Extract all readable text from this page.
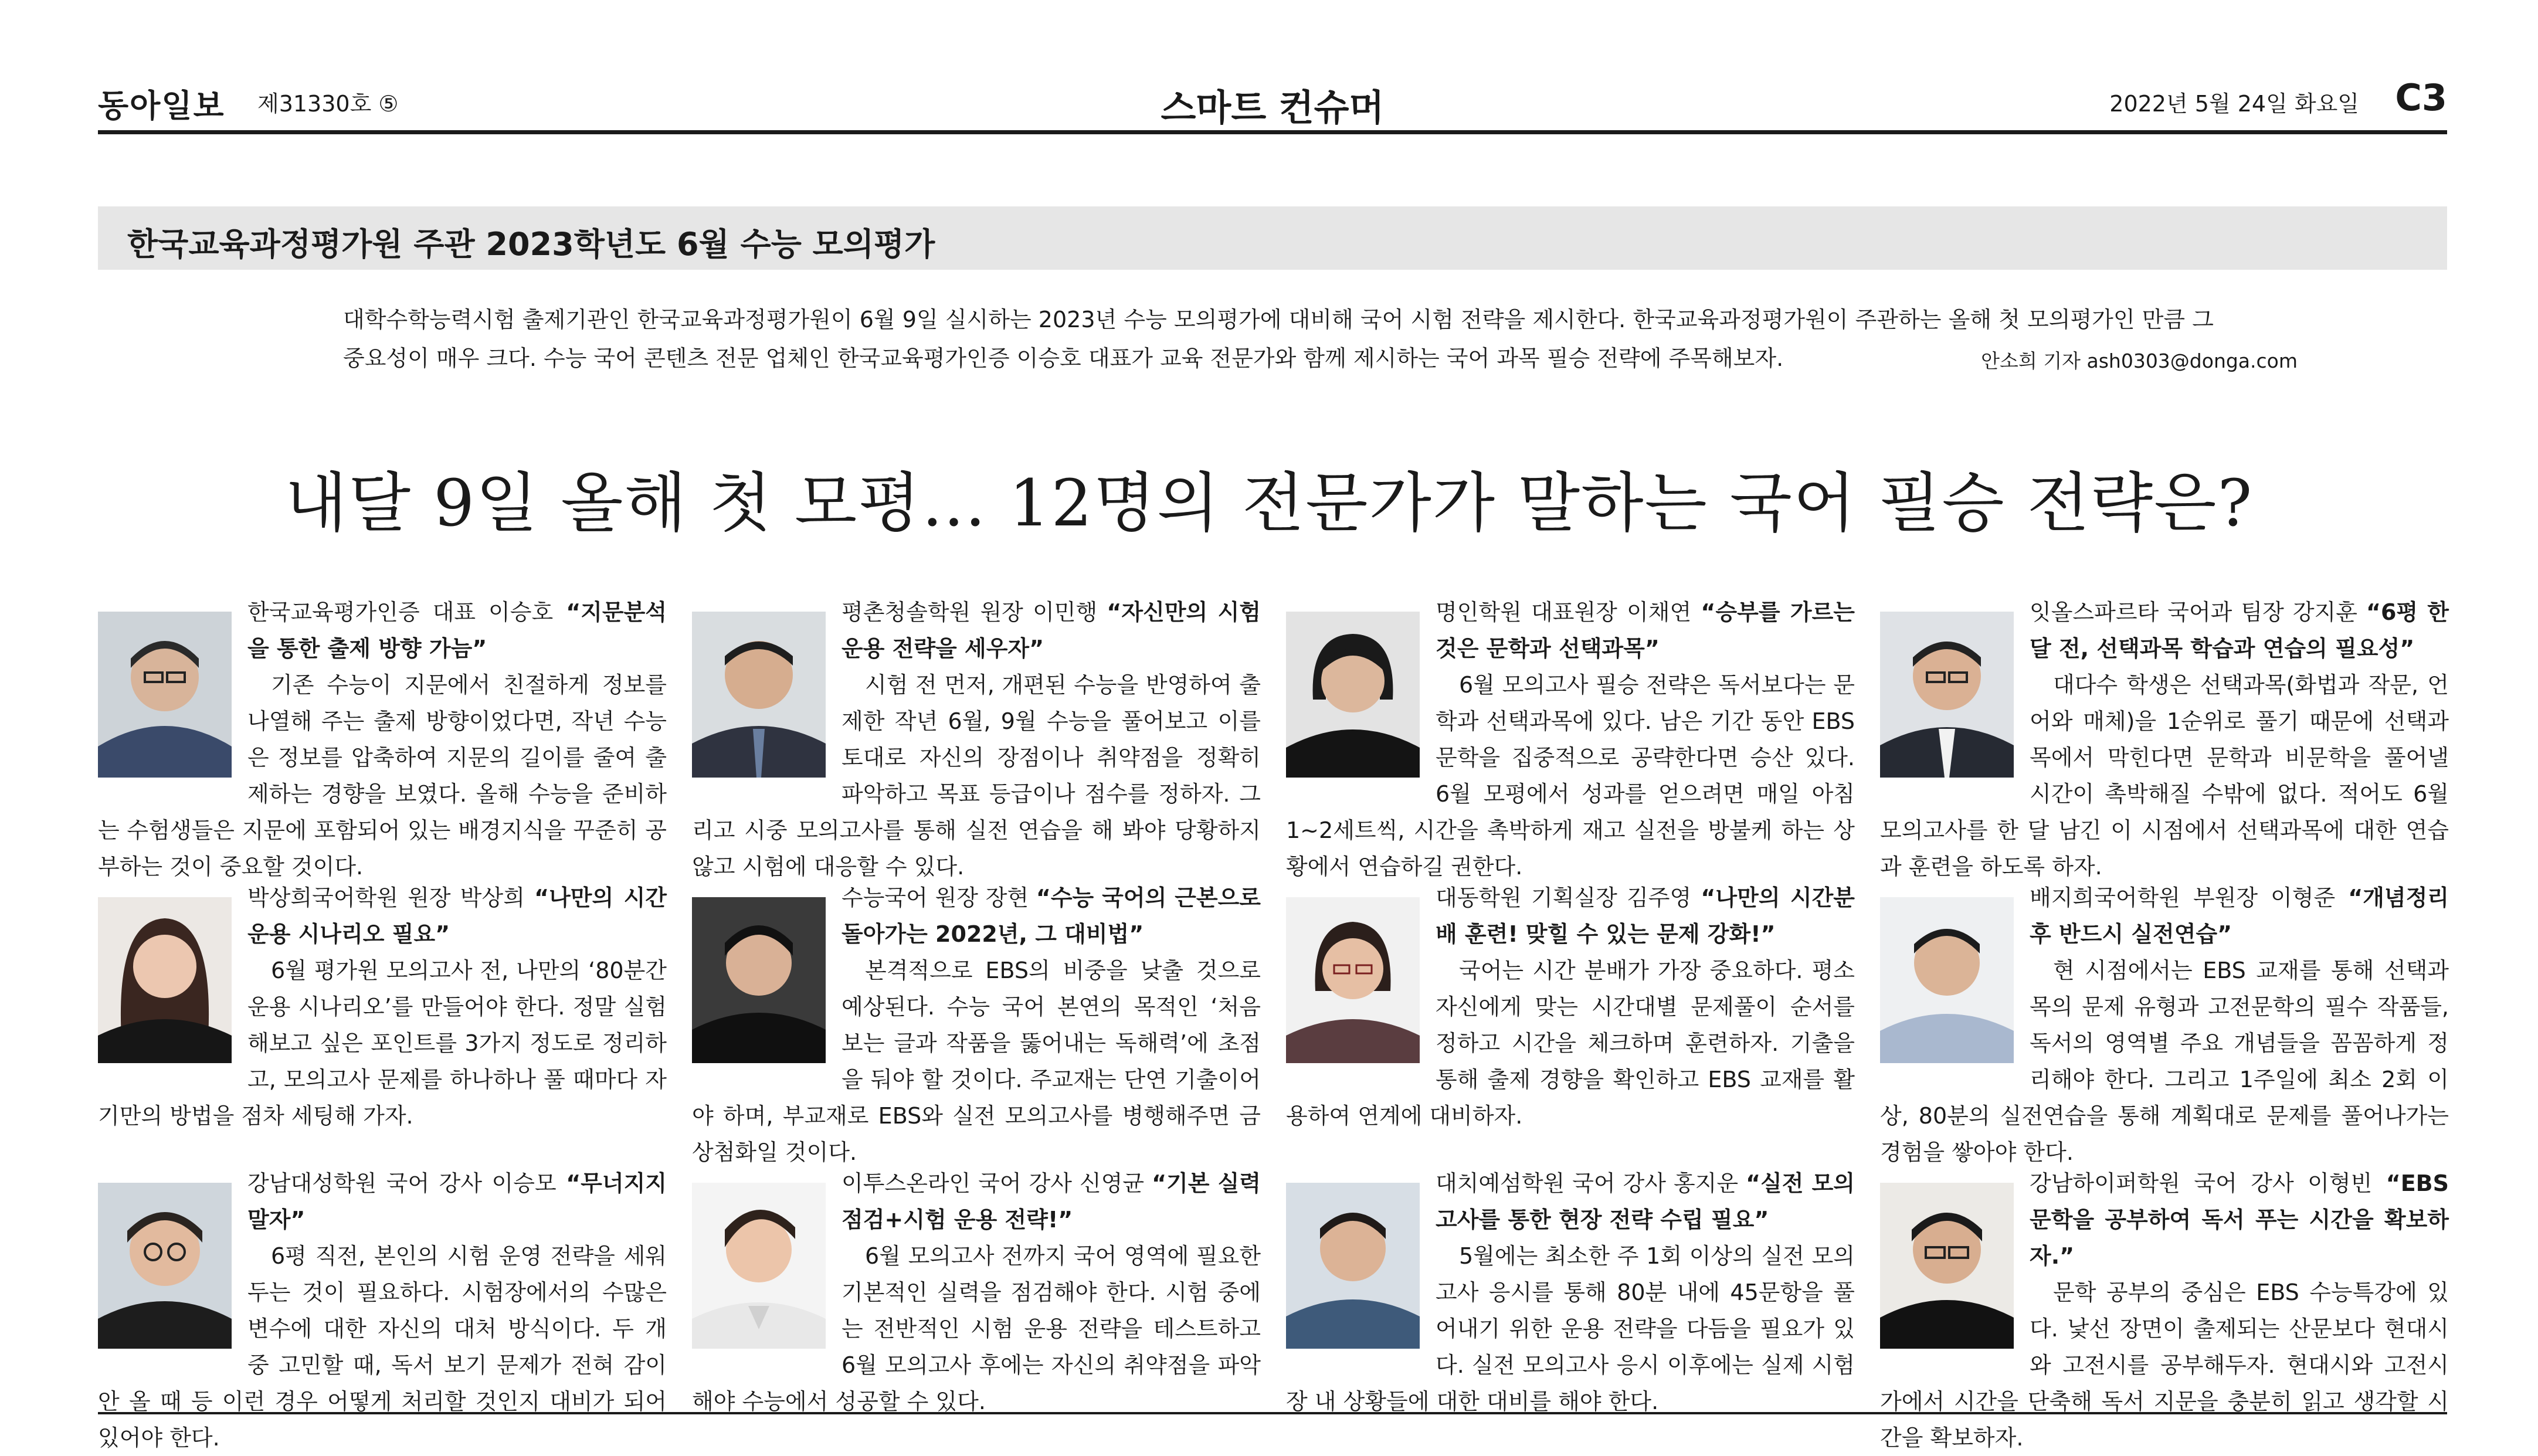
동아일보 제31330호 ⑤	스마트 컨슈머	2022년 5월 24일 화요일 C3
한국교육과정평가원 주관 2023학년도 6월 수능 모의평가
대학수학능력시험 출제기관인 한국교육과정평가원이 6월 9일 실시하는 2023년 수능 모의평가에 대비해 국어 시험 전략을 제시한다. 한국교육과정평가원이 주관하는 올해 첫 모의평가인 만큼 그 중요성이 매우 크다. 수능 국어 콘텐츠 전문 업체인 한국교육평가인증 이승호 대표가 교육 전문가와 함께 제시하는 국어 과목 필승 전략에 주목해보자.	안소희 기자 ash0303@donga.com
내달 9일 올해 첫 모평… 12명의 전문가가 말하는 국어 필승 전략은?
한국교육평가인증 대표 이승호 “지문분석을 통한 출제 방향 가늠”
기존 수능이 지문에서 친절하게 정보를 나열해 주는 출제 방향이었다면, 작년 수능은 정보를 압축하여 지문의 길이를 줄여 출제하는 경향을 보였다. 올해 수능을 준비하는 수험생들은 지문에 포함되어 있는 배경지식을 꾸준히 공부하는 것이 중요할 것이다.
평촌청솔학원 원장 이민행 “자신만의 시험 운용 전략을 세우자”
시험 전 먼저, 개편된 수능을 반영하여 출제한 작년 6월, 9월 수능을 풀어보고 이를 토대로 자신의 장점이나 취약점을 정확히 파악하고 목표 등급이나 점수를 정하자. 그리고 시중 모의고사를 통해 실전 연습을 해 봐야 당황하지 않고 시험에 대응할 수 있다.
명인학원 대표원장 이채연 “승부를 가르는 것은 문학과 선택과목”
6월 모의고사 필승 전략은 독서보다는 문학과 선택과목에 있다. 남은 기간 동안 EBS 문학을 집중적으로 공략한다면 승산 있다. 6월 모평에서 성과를 얻으려면 매일 아침 1~2세트씩, 시간을 촉박하게 재고 실전을 방불케 하는 상황에서 연습하길 권한다.
잇올스파르타 국어과 팀장 강지훈 “6평 한 달 전, 선택과목 학습과 연습의 필요성”
대다수 학생은 선택과목(화법과 작문, 언어와 매체)을 1순위로 풀기 때문에 선택과목에서 막힌다면 문학과 비문학을 풀어낼 시간이 촉박해질 수밖에 없다. 적어도 6월 모의고사를 한 달 남긴 이 시점에서 선택과목에 대한 연습과 훈련을 하도록 하자.
박상희국어학원 원장 박상희 “나만의 시간 운용 시나리오 필요”
6월 평가원 모의고사 전, 나만의 ‘80분간 운용 시나리오’를 만들어야 한다. 정말 실험해보고 싶은 포인트를 3가지 정도로 정리하고, 모의고사 문제를 하나하나 풀 때마다 자기만의 방법을 점차 세팅해 가자.
수능국어 원장 장현 “수능 국어의 근본으로 돌아가는 2022년, 그 대비법”
본격적으로 EBS의 비중을 낮출 것으로 예상된다. 수능 국어 본연의 목적인 ‘처음 보는 글과 작품을 뚫어내는 독해력’에 초점을 둬야 할 것이다. 주교재는 단연 기출이어야 하며, 부교재로 EBS와 실전 모의고사를 병행해주면 금상첨화일 것이다.
대동학원 기획실장 김주영 “나만의 시간분배 훈련! 맞힐 수 있는 문제 강화!”
국어는 시간 분배가 가장 중요하다. 평소 자신에게 맞는 시간대별 문제풀이 순서를 정하고 시간을 체크하며 훈련하자. 기출을 통해 출제 경향을 확인하고 EBS 교재를 활용하여 연계에 대비하자.
배지희국어학원 부원장 이형준 “개념정리 후 반드시 실전연습”
현 시점에서는 EBS 교재를 통해 선택과목의 문제 유형과 고전문학의 필수 작품들, 독서의 영역별 주요 개념들을 꼼꼼하게 정리해야 한다. 그리고 1주일에 최소 2회 이상, 80분의 실전연습을 통해 계획대로 문제를 풀어나가는 경험을 쌓아야 한다.
강남대성학원 국어 강사 이승모 “무너지지 말자”
6평 직전, 본인의 시험 운영 전략을 세워두는 것이 필요하다. 시험장에서의 수많은 변수에 대한 자신의 대처 방식이다. 두 개 중 고민할 때, 독서 보기 문제가 전혀 감이 안 올 때 등 이런 경우 어떻게 처리할 것인지 대비가 되어 있어야 한다.
이투스온라인 국어 강사 신영균 “기본 실력 점검+시험 운용 전략!”
6월 모의고사 전까지 국어 영역에 필요한 기본적인 실력을 점검해야 한다. 시험 중에는 전반적인 시험 운용 전략을 테스트하고 6월 모의고사 후에는 자신의 취약점을 파악해야 수능에서 성공할 수 있다.
대치예섬학원 국어 강사 홍지운 “실전 모의고사를 통한 현장 전략 수립 필요”
5월에는 최소한 주 1회 이상의 실전 모의고사 응시를 통해 80분 내에 45문항을 풀어내기 위한 운용 전략을 다듬을 필요가 있다. 실전 모의고사 응시 이후에는 실제 시험장 내 상황들에 대한 대비를 해야 한다.
강남하이퍼학원 국어 강사 이형빈 “EBS 문학을 공부하여 독서 푸는 시간을 확보하자.”
문학 공부의 중심은 EBS 수능특강에 있다. 낯선 장면이 출제되는 산문보다 현대시와 고전시를 공부해두자. 현대시와 고전시가에서 시간을 단축해 독서 지문을 충분히 읽고 생각할 시간을 확보하자.
